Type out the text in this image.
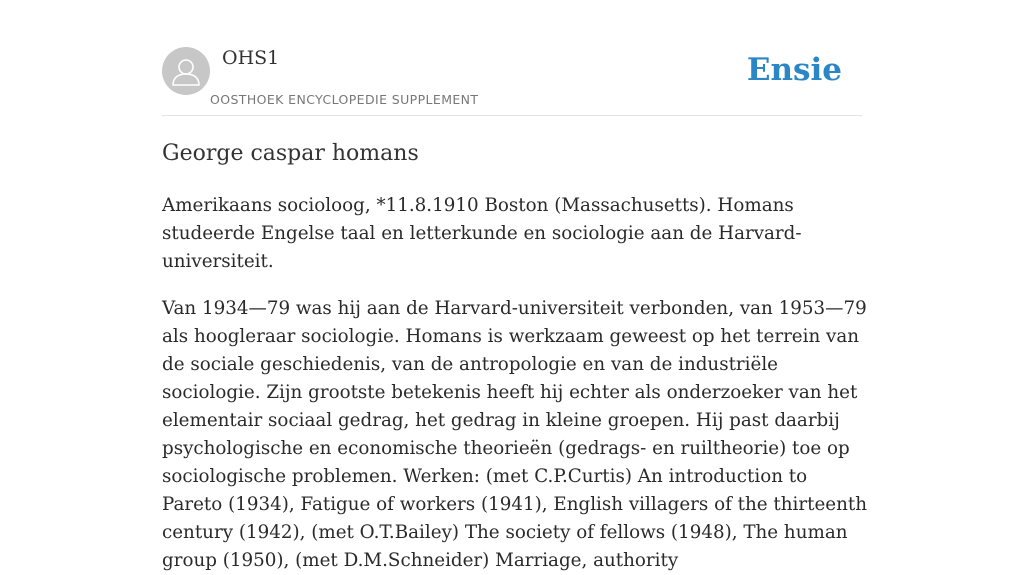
OHS1
OOSTHOEK ENCYCLOPEDIE SUPPLEMENT
Ensie
George caspar homans

Amerikaans socioloog, *11.8.1910 Boston (Massachusetts). Homans studeerde Engelse taal en letterkunde en sociologie aan de Harvard-universiteit.

Van 1934—79 was hij aan de Harvard-universiteit verbonden, van 1953—79 als hoogleraar sociologie. Homans is werkzaam geweest op het terrein van de sociale geschiedenis, van de antropologie en van de industriële sociologie. Zijn grootste betekenis heeft hij echter als onderzoeker van het elementair sociaal gedrag, het gedrag in kleine groepen. Hij past daarbij psychologische en economische theorieën (gedrags- en ruiltheorie) toe op sociologische problemen. Werken: (met C.P.Curtis) An introduction to Pareto (1934), Fatigue of workers (1941), English villagers of the thirteenth century (1942), (met O.T.Bailey) The society of fellows (1948), The human group (1950), (met D.M.Schneider) Marriage, authority
